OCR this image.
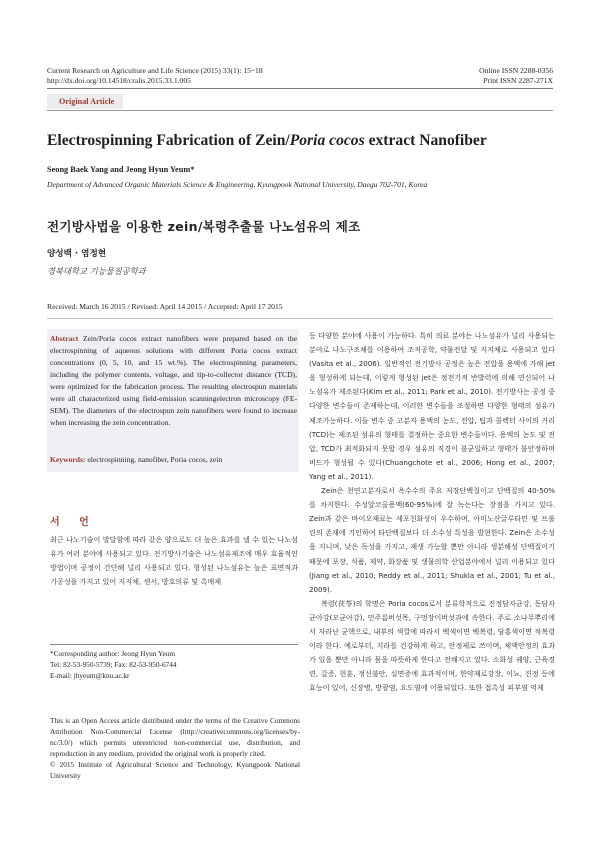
Current Research on Agriculture and Life Science (2015) 33(1): 15~18
http://dx.doi.org/10.14518/cralis.2015.33.1.005
Online ISSN 2288-0356
Print ISSN 2287-271X
Original Article
Electrospinning Fabrication of Zein/Poria cocos extract Nanofiber
Seong Baek Yang and Jeong Hyun Yeum*
Department of Advanced Organic Materials Science & Engineering, Kyungpook National University, Daegu 702-701, Korea
전기방사법을 이용한 zein/복령추출물 나노섬유의 제조
양성백 · 염정현
경북대학교 기능물질공학과
Received: March 16 2015 / Revised: April 14 2015 / Accepted: April 17 2015
Abstract Zein/Poria cocos extract nanofibers were prepared based on the electrospinning of aqueous solutions with different Poria cocos extract concentrations (0, 5, 10, and 15 wt.%). The electrospinning parameters, including the polymer contents, voltage, and tip-to-collector distance (TCD), were optimized for the fabrication process. The resulting electrospun materials were all characterized using field-emission scanningelectron microscopy (FE-SEM). The diameters of the electrospun zein nanofibers were found to increase when increasing the zein concentration.
Keywords: electrospinning, nanofiber, Poria cocos, zein
서 언
최근 나노기술이 발달함에 따라 같은 양으로도 더 높은 효과를 낼 수 있는 나노섬유가 여러 분야에 사용되고 있다. 전기방사기술은 나노섬유제조에 매우 효율적인 방법이며 공정이 간단해 널리 사용되고 있다. 형성된 나노섬유는 높은 표면적과 기공성을 가지고 있어 지지체, 센서, 방호의류 및 촉매제
*Corresponding author: Jeong Hyun Yeum
Tel: 82-53-950-5739; Fax: 82-53-950-6744
E-mail: jhyeum@knu.ac.kr
This is an Open Access article distributed under the terms of the Creative Commons Attribution Non-Commercial License (http://creativecommons.org/licenses/by-nc/3.0/) which permits unrestricted non-commercial use, distribution, and reproduction in any medium, provided the original work is properly cited.
© 2015 Institute of Agricultural Science and Technology, Kyungpook National University

등 다양한 분야에 사용이 가능하다. 특히 의료 분야는 나노섬유가 널리 사용되는 분야로 나노구조체를 이용하여 조직공학, 약물전달 및 지지체로 사용되고 있다(Vasita et al., 2006). 일반적인 전기방사 공정은 높은 전압을 용액에 가해 jet을 형성하게 되는데, 이렇게 형성된 jet은 정전기적 반발력에 의해 연신되어 나노섬유가 제조된다(Kim et al., 2011; Park et al., 2010). 전기방사는 공정 중 다양한 변수들이 존재하는데, 이러한 변수들을 조절하면 다양한 형태의 섬유가 제조가능하다. 이들 변수 중 고분자 용액의 농도, 전압, 팁과 콜렉터 사이의 거리(TCD)는 제조된 섬유의 형태를 결정하는 중요한 변수들이다. 용액의 농도 및 전압, TCD가 최적화되지 못할 경우 섬유의 직경이 불균일하고 형태가 불안정하며 비드가 형성될 수 있다(Chuangchote et al., 2006; Hong et al., 2007; Yang et al., 2011).

Zein은 천연고분자로서 옥수수의 주요 저장단백질이고 단백질의 40-50%를 차지한다. 수성알코올용액(60-95%)에 잘 녹는다는 장점을 가지고 있다. Zein과 같은 바이오재료는 세포친화성이 우수하며, 아미노산글루타민 및 프롤린의 존재에 기인하여 타단백질보다 더 소수성 특성을 발현한다. Zein은 소수성을 지니며, 낮은 독성을 가지고, 재생 가능할 뿐만 아니라 생분해성 단백질이기 때문에 포장, 식품, 제약, 화장품 및 생물의학 산업분야에서 널리 이용되고 있다(Jiang et al., 2010; Reddy et al., 2011; Shukla et al., 2001; Tu et al., 2009).

복령(茯苓)의 학명은 Poria cocos로서 분류학적으로 진정담자균강, 동담자균아강(모균아강), 민주름버섯목, 구멍장이버섯과에 속한다. 주로 소나무뿌리에서 자라난 균핵으로, 내부의 색깔에 따라서 백색이면 백복령, 담홍색이면 적복령이라 한다. 예로부터, 지라를 건강하게 하고, 안정제로 쓰이며, 체액안정의 효과가 있을 뿐만 아니라 몸을 따뜻하게 한다고 전해지고 있다. 소화성 궤양, 근육경련, 갈증, 현훈, 정신불안, 실면증에 효과적이며, 한약재로강장, 이뇨, 진정 등에 효능이 있어, 신장병, 방광염, 요도염에 이용되었다. 또한 접촉성 피부염 억제
